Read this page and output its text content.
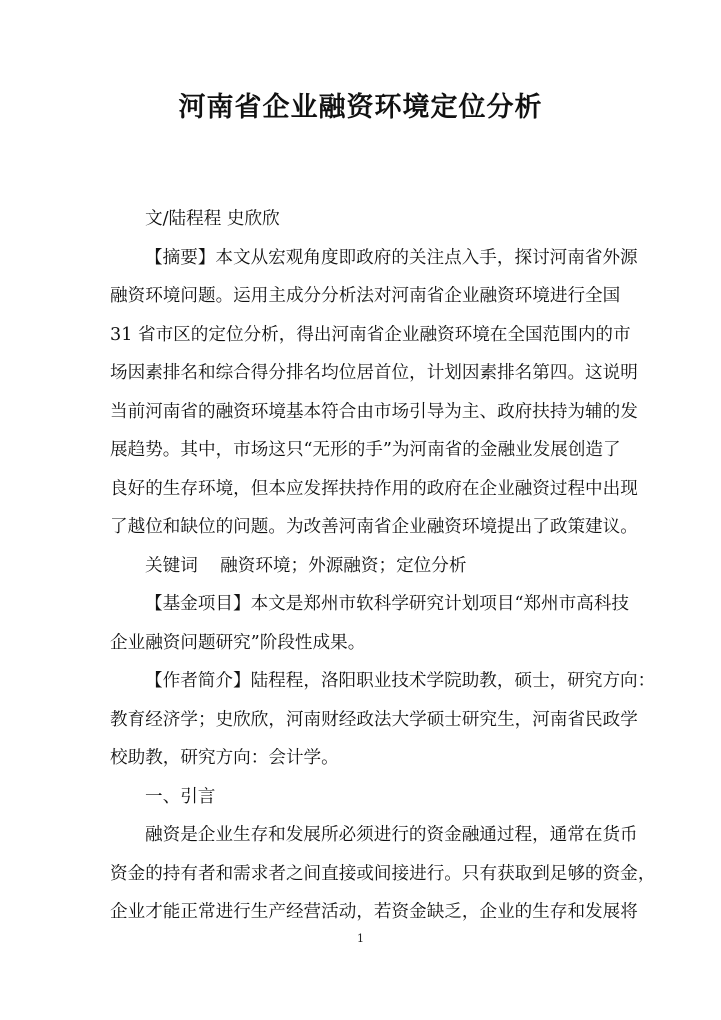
河南省企业融资环境定位分析
文/陆程程 史欣欣
【摘要】本文从宏观角度即政府的关注点入手，探讨河南省外源
融资环境问题。运用主成分分析法对河南省企业融资环境进行全国
31 省市区的定位分析，得出河南省企业融资环境在全国范围内的市
场因素排名和综合得分排名均位居首位，计划因素排名第四。这说明
当前河南省的融资环境基本符合由市场引导为主、政府扶持为辅的发
展趋势。其中，市场这只“无形的手”为河南省的金融业发展创造了
良好的生存环境，但本应发挥扶持作用的政府在企业融资过程中出现
了越位和缺位的问题。为改善河南省企业融资环境提出了政策建议。
关键词    融资环境；外源融资；定位分析
【基金项目】本文是郑州市软科学研究计划项目“郑州市高科技
企业融资问题研究”阶段性成果。
【作者简介】陆程程，洛阳职业技术学院助教，硕士，研究方向：
教育经济学；史欣欣，河南财经政法大学硕士研究生，河南省民政学
校助教，研究方向：会计学。
一、引言
融资是企业生存和发展所必须进行的资金融通过程，通常在货币
资金的持有者和需求者之间直接或间接进行。只有获取到足够的资金，
企业才能正常进行生产经营活动，若资金缺乏，企业的生存和发展将
1
